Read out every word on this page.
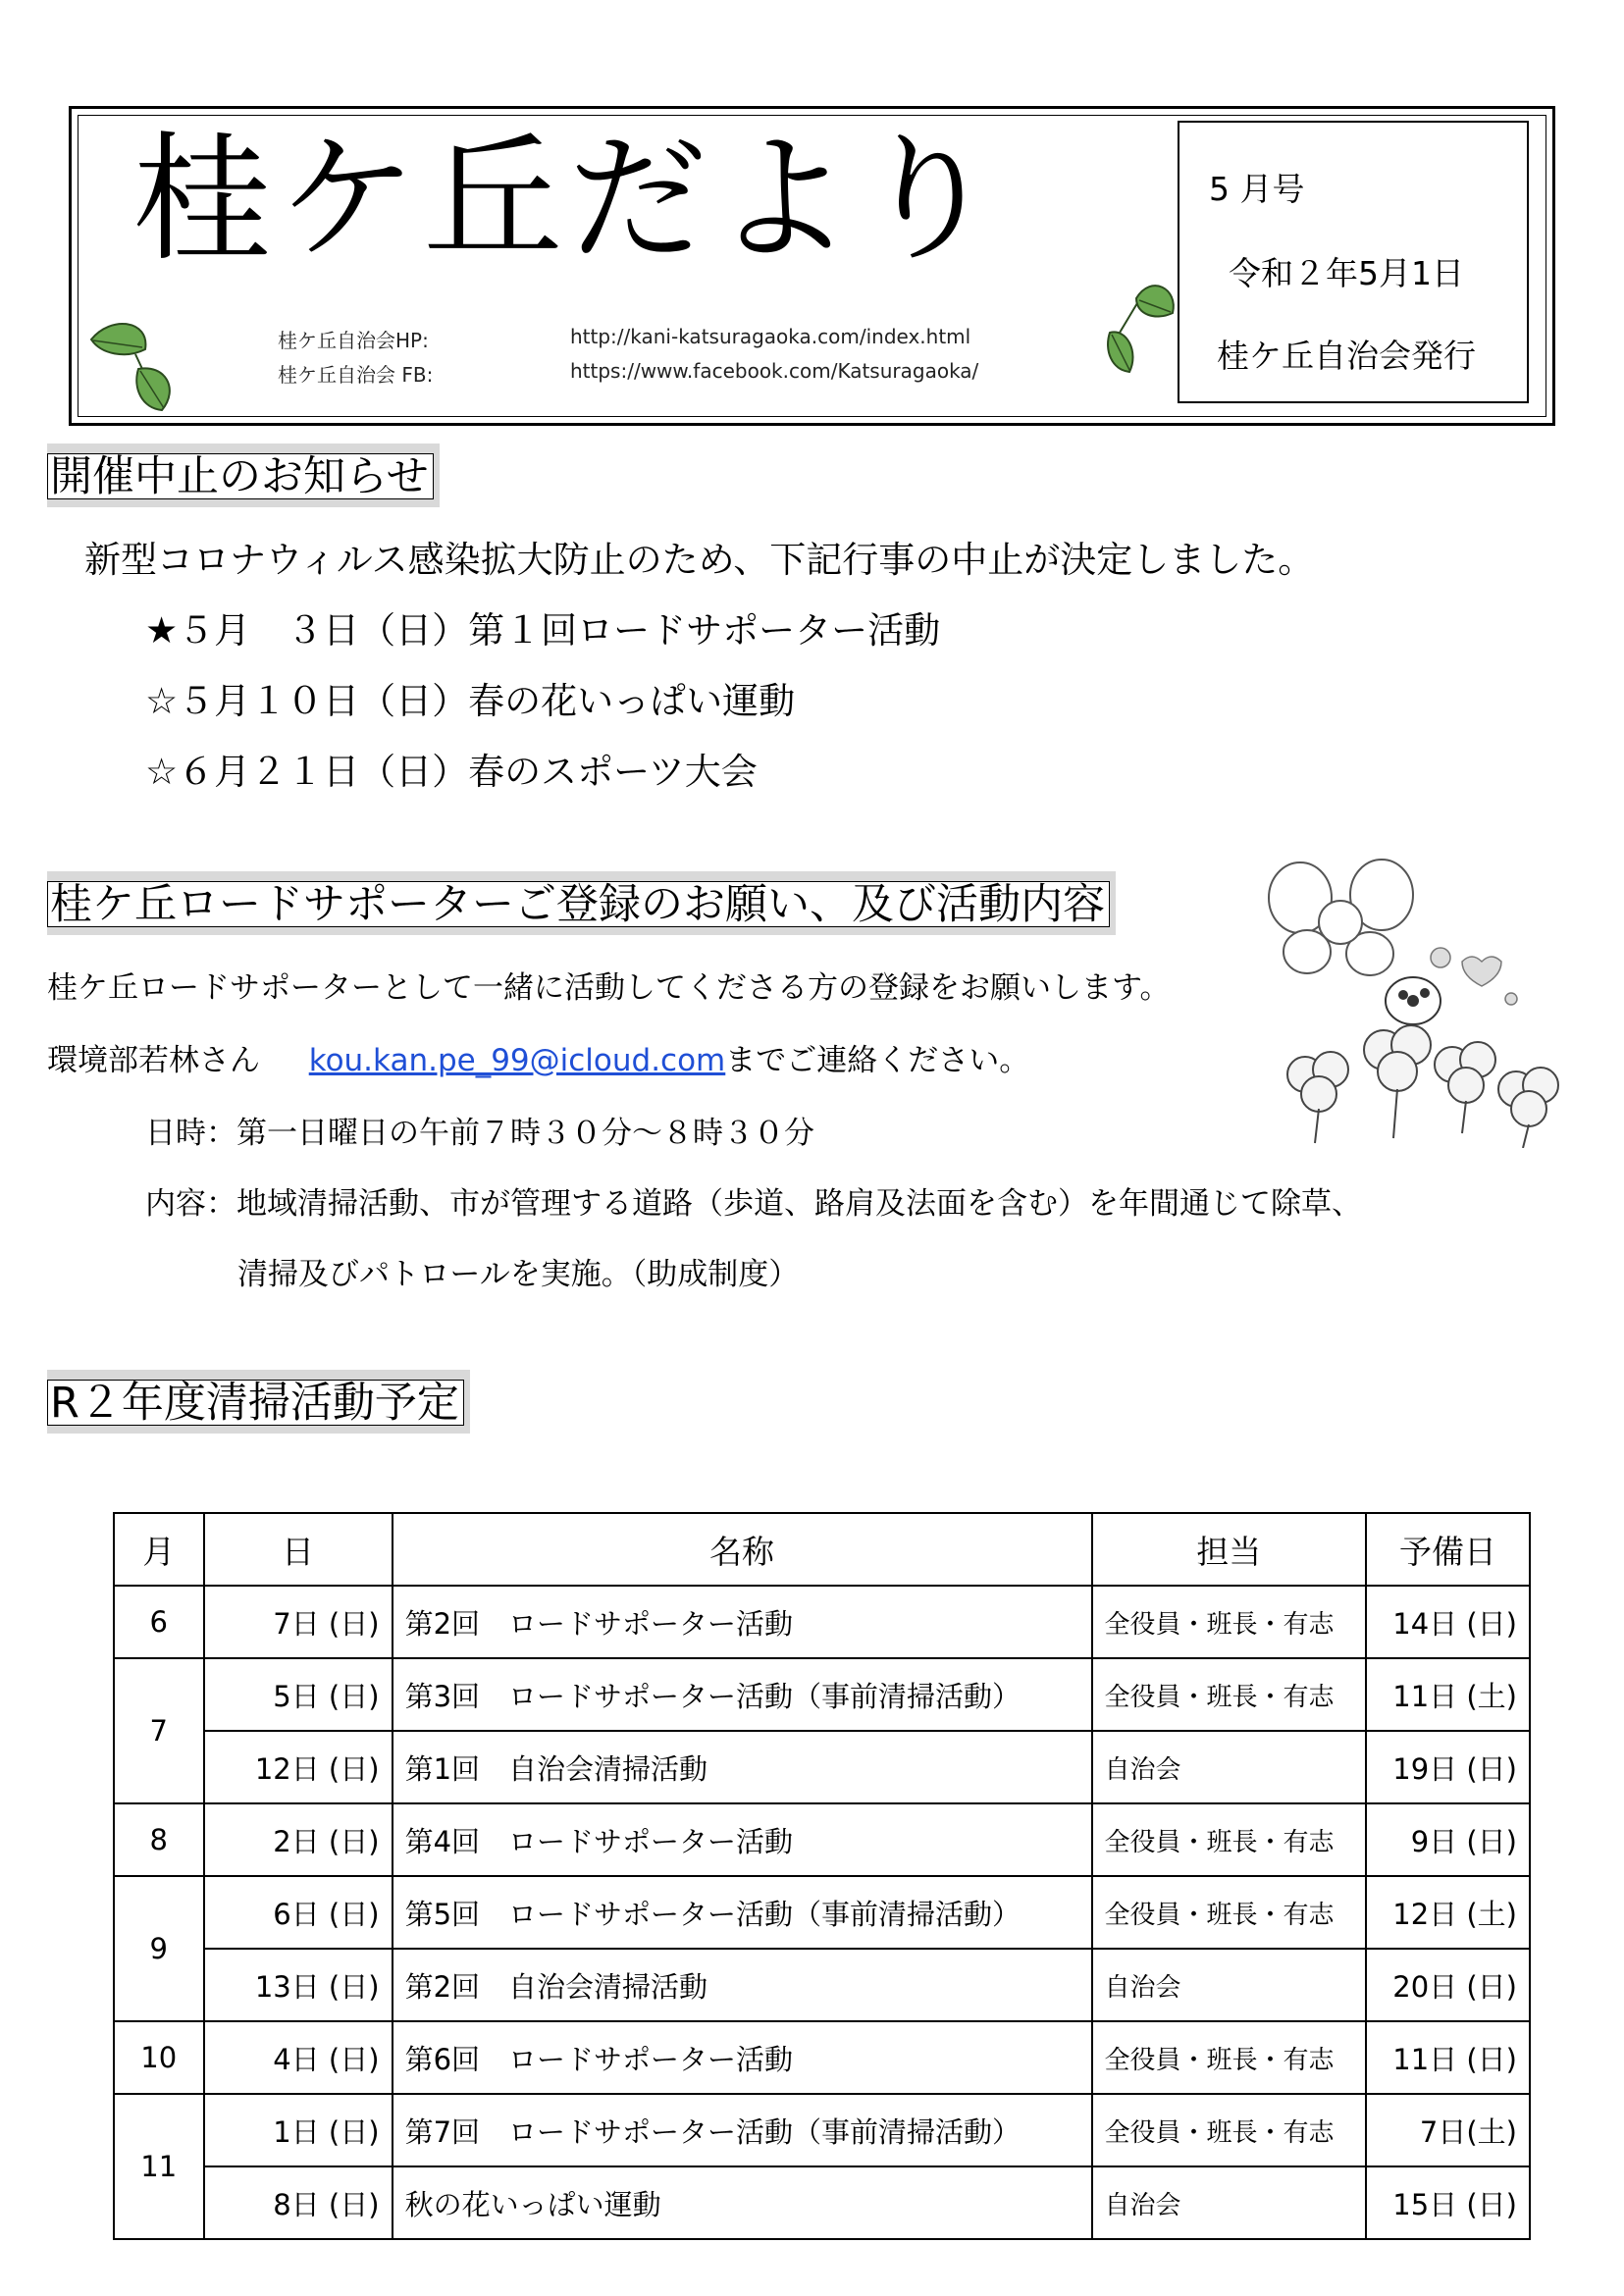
桂ケ丘だより
桂ケ丘自治会HP:	http://kani-katsuragaoka.com/index.html
桂ケ丘自治会 FB:	https://www.facebook.com/Katsuragaoka/
5 月号
令和２年5月1日
桂ケ丘自治会発行
開催中止のお知らせ
新型コロナウィルス感染拡大防止のため、下記行事の中止が決定しました。
★５月　３日（日）第１回ロードサポーター活動
☆５月１０日（日）春の花いっぱい運動
☆６月２１日（日）春のスポーツ大会
桂ケ丘ロードサポーターご登録のお願い、及び活動内容
桂ケ丘ロードサポーターとして一緒に活動してくださる方の登録をお願いします。
環境部若林さん kou.kan.pe_99@icloud.comまでご連絡ください。
日時：第一日曜日の午前７時３０分～８時３０分
内容：地域清掃活動、市が管理する道路（歩道、路肩及法面を含む）を年間通じて除草、
清掃及びパトロールを実施。（助成制度）
R２年度清掃活動予定
月	日	名称	担当	予備日
6	7日 (日)	第2回　ロードサポーター活動	全役員・班長・有志	14日 (日)
7	5日 (日)	第3回　ロードサポーター活動（事前清掃活動）	全役員・班長・有志	11日 (土)
	12日 (日)	第1回　自治会清掃活動	自治会	19日 (日)
8	2日 (日)	第4回　ロードサポーター活動	全役員・班長・有志	9日 (日)
9	6日 (日)	第5回　ロードサポーター活動（事前清掃活動）	全役員・班長・有志	12日 (土)
	13日 (日)	第2回　自治会清掃活動	自治会	20日 (日)
10	4日 (日)	第6回　ロードサポーター活動	全役員・班長・有志	11日 (日)
11	1日 (日)	第7回　ロードサポーター活動（事前清掃活動）	全役員・班長・有志	7日(土)
	8日 (日)	秋の花いっぱい運動	自治会	15日 (日)
